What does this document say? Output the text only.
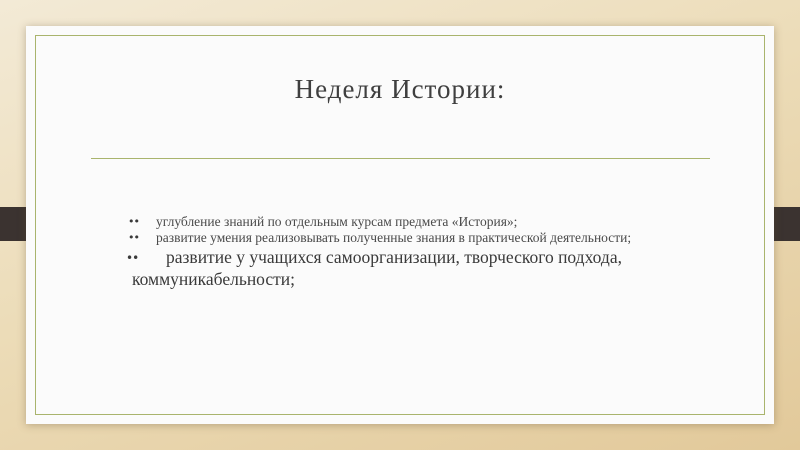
Неделя Истории:
•• углубление знаний по отдельным курсам предмета «История»;
•• развитие умения реализовывать полученные знания в практической деятельности;
••	развитие у учащихся самоорганизации, творческого подхода, коммуникабельности;
